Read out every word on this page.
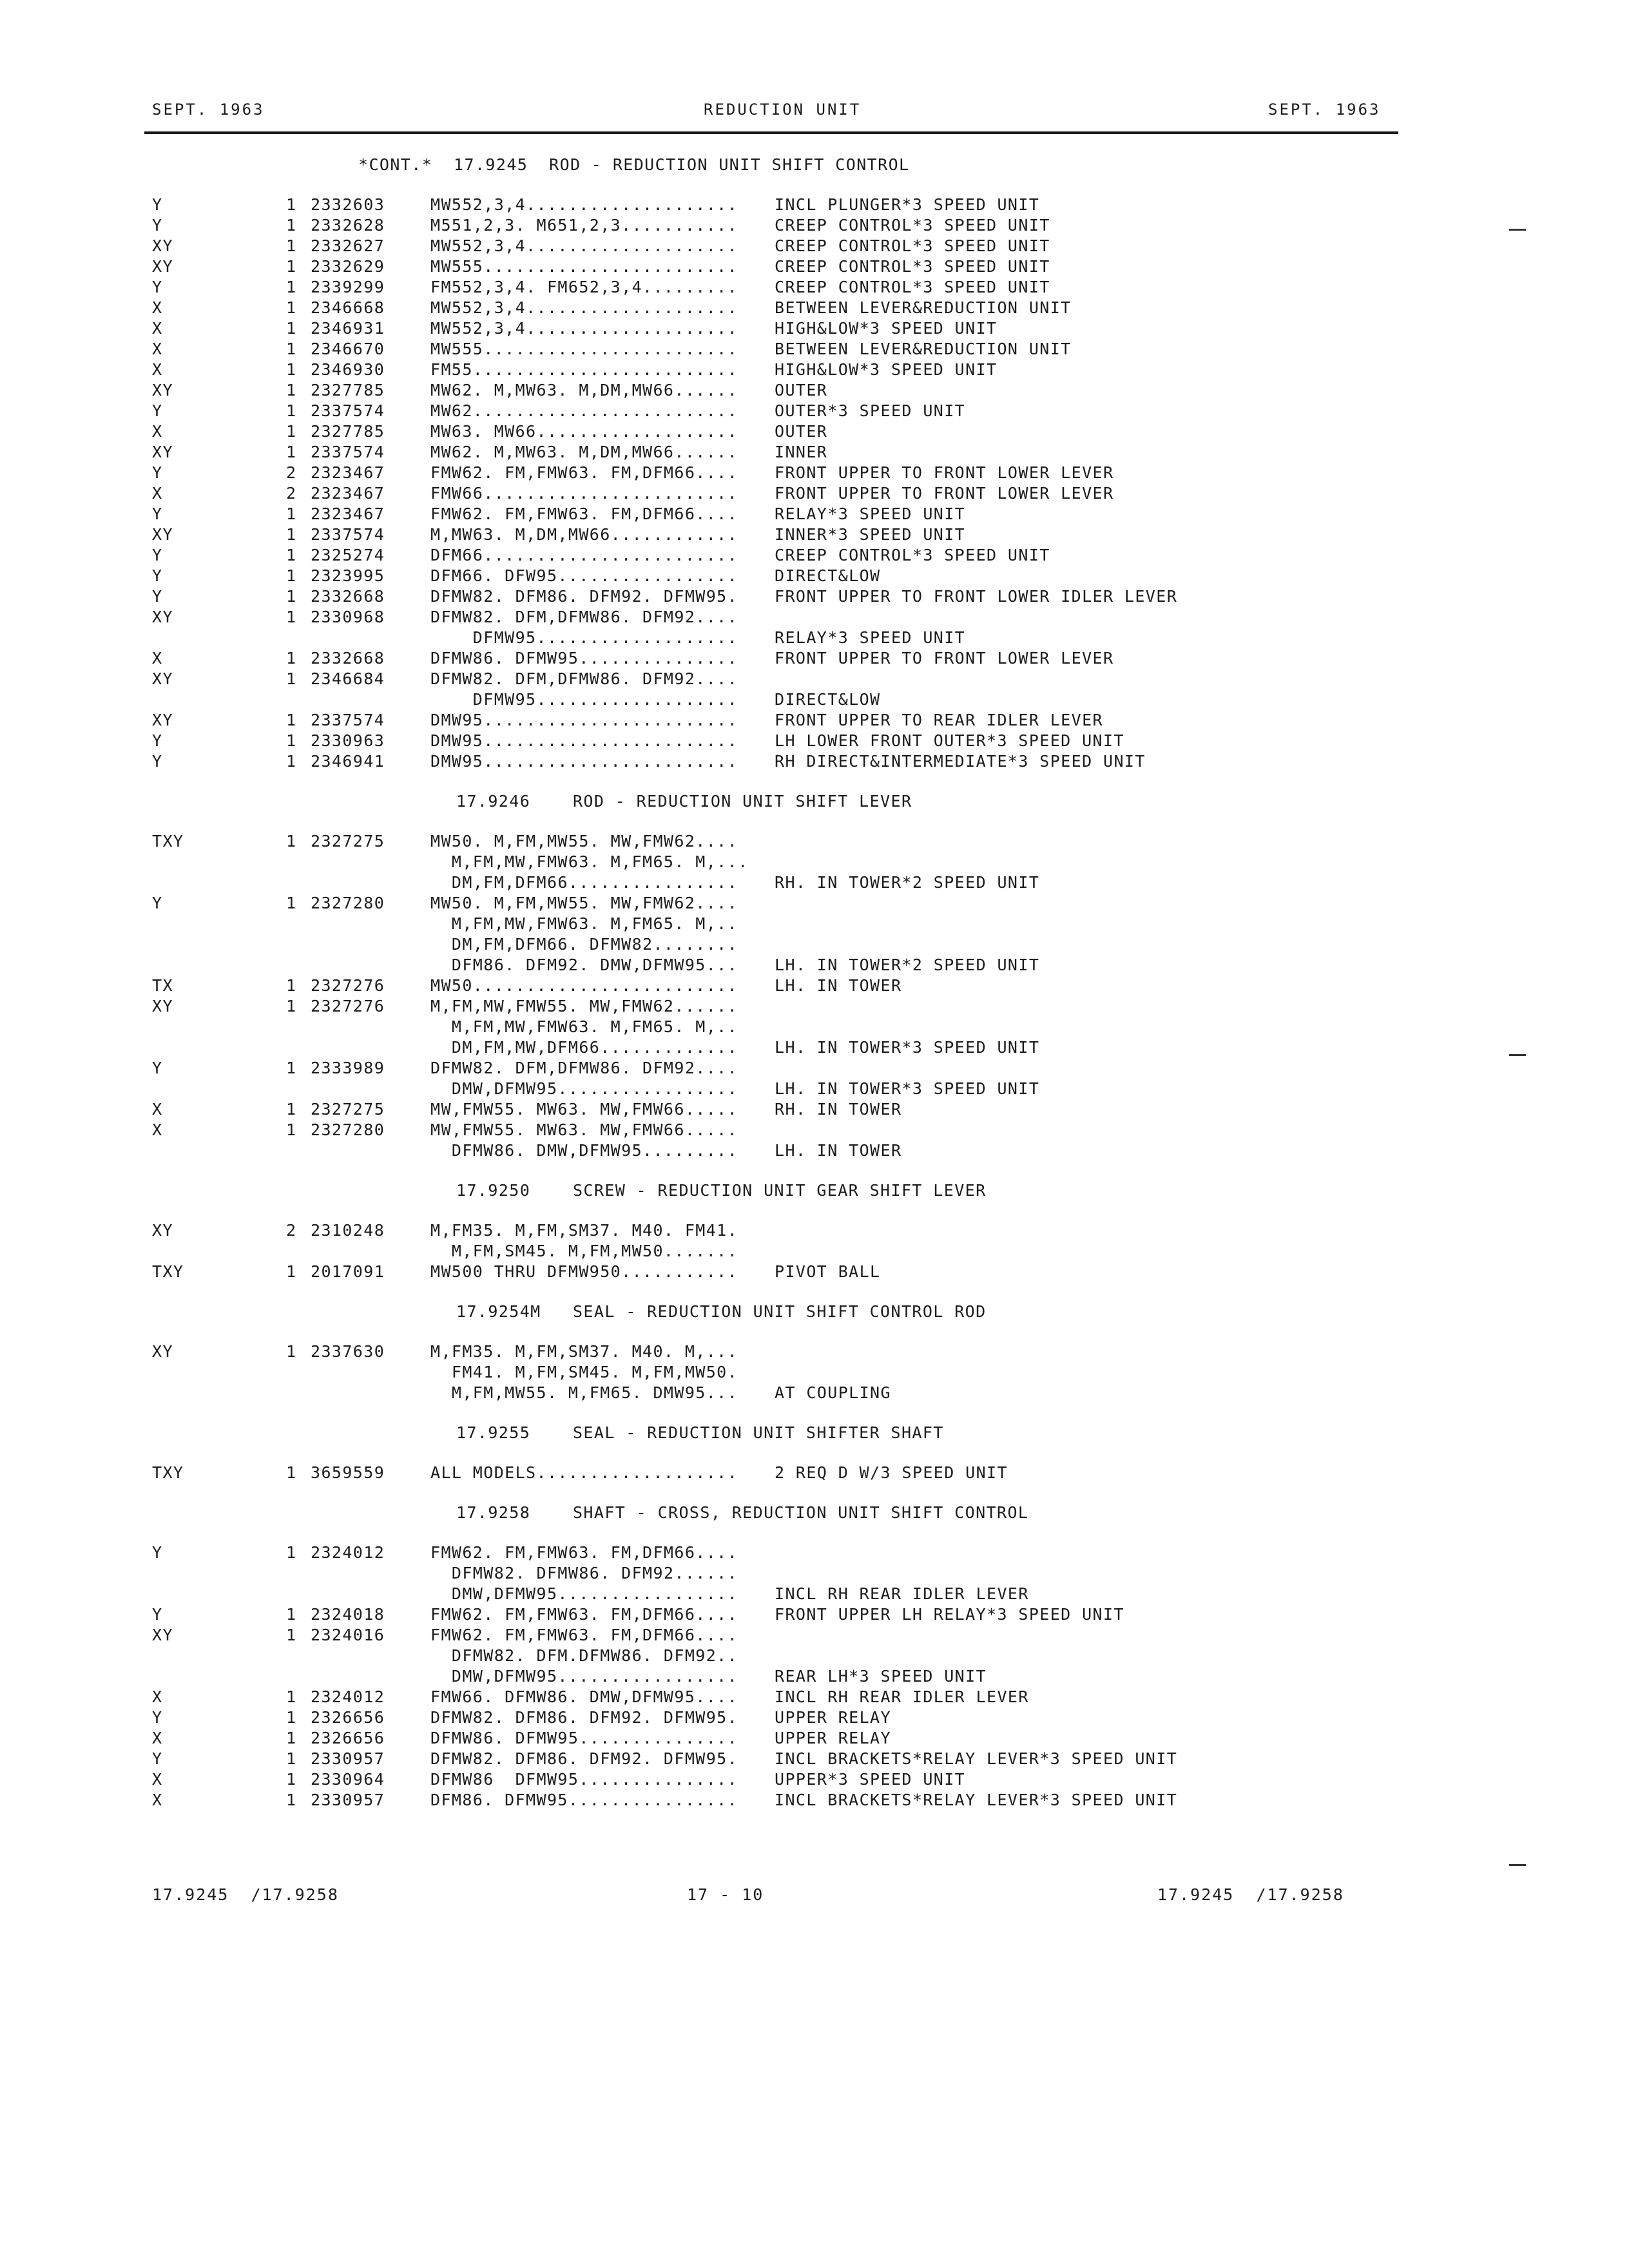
SEPT. 1963	REDUCTION UNIT	SEPT. 1963
*CONT.*  17.9245  ROD - REDUCTION UNIT SHIFT CONTROL
Y	1 2332603	MW552,3,4.................... INCL PLUNGER*3 SPEED UNIT
Y	1 2332628	M551,2,3. M651,2,3........... CREEP CONTROL*3 SPEED UNIT
XY	1 2332627	MW552,3,4.................... CREEP CONTROL*3 SPEED UNIT
XY	1 2332629	MW555........................ CREEP CONTROL*3 SPEED UNIT
Y	1 2339299	FM552,3,4. FM652,3,4......... CREEP CONTROL*3 SPEED UNIT
X	1 2346668	MW552,3,4.................... BETWEEN LEVER&REDUCTION UNIT
X	1 2346931	MW552,3,4.................... HIGH&LOW*3 SPEED UNIT
X	1 2346670	MW555........................ BETWEEN LEVER&REDUCTION UNIT
X	1 2346930	FM55......................... HIGH&LOW*3 SPEED UNIT
XY	1 2327785	MW62. M,MW63. M,DM,MW66...... OUTER
Y	1 2337574	MW62......................... OUTER*3 SPEED UNIT
X	1 2327785	MW63. MW66................... OUTER
XY	1 2337574	MW62. M,MW63. M,DM,MW66...... INNER
Y	2 2323467	FMW62. FM,FMW63. FM,DFM66.... FRONT UPPER TO FRONT LOWER LEVER
X	2 2323467	FMW66........................ FRONT UPPER TO FRONT LOWER LEVER
Y	1 2323467	FMW62. FM,FMW63. FM,DFM66.... RELAY*3 SPEED UNIT
XY	1 2337574	M,MW63. M,DM,MW66............ INNER*3 SPEED UNIT
Y	1 2325274	DFM66........................ CREEP CONTROL*3 SPEED UNIT
Y	1 2323995	DFM66. DFW95................. DIRECT&LOW
Y	1 2332668	DFMW82. DFM86. DFM92. DFMW95. FRONT UPPER TO FRONT LOWER IDLER LEVER
XY	1 2330968	DFMW82. DFM,DFMW86. DFM92....
DFMW95................... RELAY*3 SPEED UNIT
X	1 2332668	DFMW86. DFMW95............... FRONT UPPER TO FRONT LOWER LEVER
XY	1 2346684	DFMW82. DFM,DFMW86. DFM92....
DFMW95................... DIRECT&LOW
XY	1 2337574	DMW95........................ FRONT UPPER TO REAR IDLER LEVER
Y	1 2330963	DMW95........................ LH LOWER FRONT OUTER*3 SPEED UNIT
Y	1 2346941	DMW95........................ RH DIRECT&INTERMEDIATE*3 SPEED UNIT
17.9246    ROD - REDUCTION UNIT SHIFT LEVER
TXY	1 2327275	MW50. M,FM,MW55. MW,FMW62....
M,FM,MW,FMW63. M,FM65. M,...
DM,FM,DFM66................ RH. IN TOWER*2 SPEED UNIT
Y	1 2327280	MW50. M,FM,MW55. MW,FMW62....
M,FM,MW,FMW63. M,FM65. M,..
DM,FM,DFM66. DFMW82........
DFM86. DFM92. DMW,DFMW95... LH. IN TOWER*2 SPEED UNIT
TX	1 2327276	MW50......................... LH. IN TOWER
XY	1 2327276	M,FM,MW,FMW55. MW,FMW62......
M,FM,MW,FMW63. M,FM65. M,..
DM,FM,MW,DFM66............. LH. IN TOWER*3 SPEED UNIT
Y	1 2333989	DFMW82. DFM,DFMW86. DFM92....
DMW,DFMW95................. LH. IN TOWER*3 SPEED UNIT
X	1 2327275	MW,FMW55. MW63. MW,FMW66..... RH. IN TOWER
X	1 2327280	MW,FMW55. MW63. MW,FMW66.....
DFMW86. DMW,DFMW95......... LH. IN TOWER
17.9250    SCREW - REDUCTION UNIT GEAR SHIFT LEVER
XY	2 2310248	M,FM35. M,FM,SM37. M40. FM41.
M,FM,SM45. M,FM,MW50.......
TXY	1 2017091	MW500 THRU DFMW950........... PIVOT BALL
17.9254M   SEAL - REDUCTION UNIT SHIFT CONTROL ROD
XY	1 2337630	M,FM35. M,FM,SM37. M40. M,...
FM41. M,FM,SM45. M,FM,MW50.
M,FM,MW55. M,FM65. DMW95... AT COUPLING
17.9255    SEAL - REDUCTION UNIT SHIFTER SHAFT
TXY	1 3659559	ALL MODELS................... 2 REQ D W/3 SPEED UNIT
17.9258    SHAFT - CROSS, REDUCTION UNIT SHIFT CONTROL
Y	1 2324012	FMW62. FM,FMW63. FM,DFM66....
DFMW82. DFMW86. DFM92......
DMW,DFMW95................. INCL RH REAR IDLER LEVER
Y	1 2324018	FMW62. FM,FMW63. FM,DFM66.... FRONT UPPER LH RELAY*3 SPEED UNIT
XY	1 2324016	FMW62. FM,FMW63. FM,DFM66....
DFMW82. DFM.DFMW86. DFM92..
DMW,DFMW95................. REAR LH*3 SPEED UNIT
X	1 2324012	FMW66. DFMW86. DMW,DFMW95.... INCL RH REAR IDLER LEVER
Y	1 2326656	DFMW82. DFM86. DFM92. DFMW95. UPPER RELAY
X	1 2326656	DFMW86. DFMW95............... UPPER RELAY
Y	1 2330957	DFMW82. DFM86. DFM92. DFMW95. INCL BRACKETS*RELAY LEVER*3 SPEED UNIT
X	1 2330964	DFMW86  DFMW95............... UPPER*3 SPEED UNIT
X	1 2330957	DFM86. DFMW95................ INCL BRACKETS*RELAY LEVER*3 SPEED UNIT
17.9245  /17.9258	17 - 10	17.9245  /17.9258
